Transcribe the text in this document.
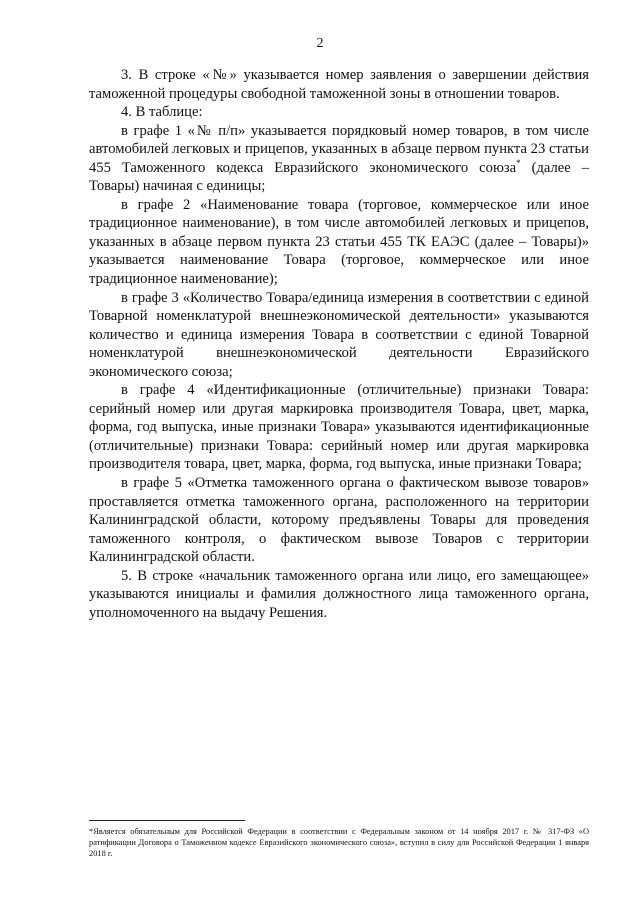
2

3. В строке «№» указывается номер заявления о завершении действия таможенной процедуры свободной таможенной зоны в отношении товаров.

4. В таблице:

в графе 1 «№ п/п» указывается порядковый номер товаров, в том числе автомобилей легковых и прицепов, указанных в абзаце первом пункта 23 статьи 455 Таможенного кодекса Евразийского экономического союза* (далее – Товары) начиная с единицы;

в графе 2 «Наименование товара (торговое, коммерческое или иное традиционное наименование), в том числе автомобилей легковых и прицепов, указанных в абзаце первом пункта 23 статьи 455 ТК ЕАЭС (далее – Товары)» указывается наименование Товара (торговое, коммерческое или иное традиционное наименование);

в графе 3 «Количество Товара/единица измерения в соответствии с единой Товарной номенклатурой внешнеэкономической деятельности» указываются количество и единица измерения Товара в соответствии с единой Товарной номенклатурой внешнеэкономической деятельности Евразийского экономического союза;

в графе 4 «Идентификационные (отличительные) признаки Товара: серийный номер или другая маркировка производителя Товара, цвет, марка, форма, год выпуска, иные признаки Товара» указываются идентификационные (отличительные) признаки Товара: серийный номер или другая маркировка производителя товара, цвет, марка, форма, год выпуска, иные признаки Товара;

в графе 5 «Отметка таможенного органа о фактическом вывозе товаров» проставляется отметка таможенного органа, расположенного на территории Калининградской области, которому предъявлены Товары для проведения таможенного контроля, о фактическом вывозе Товаров с территории Калининградской области.

5. В строке «начальник таможенного органа или лицо, его замещающее» указываются инициалы и фамилия должностного лица таможенного органа, уполномоченного на выдачу Решения.

*Является обязательным для Российской Федерации в соответствии с Федеральным законом от 14 ноября 2017 г. № 317-ФЗ «О ратификации Договора о Таможенном кодексе Евразийского экономического союза», вступил в силу для Российской Федерации 1 января 2018 г.
